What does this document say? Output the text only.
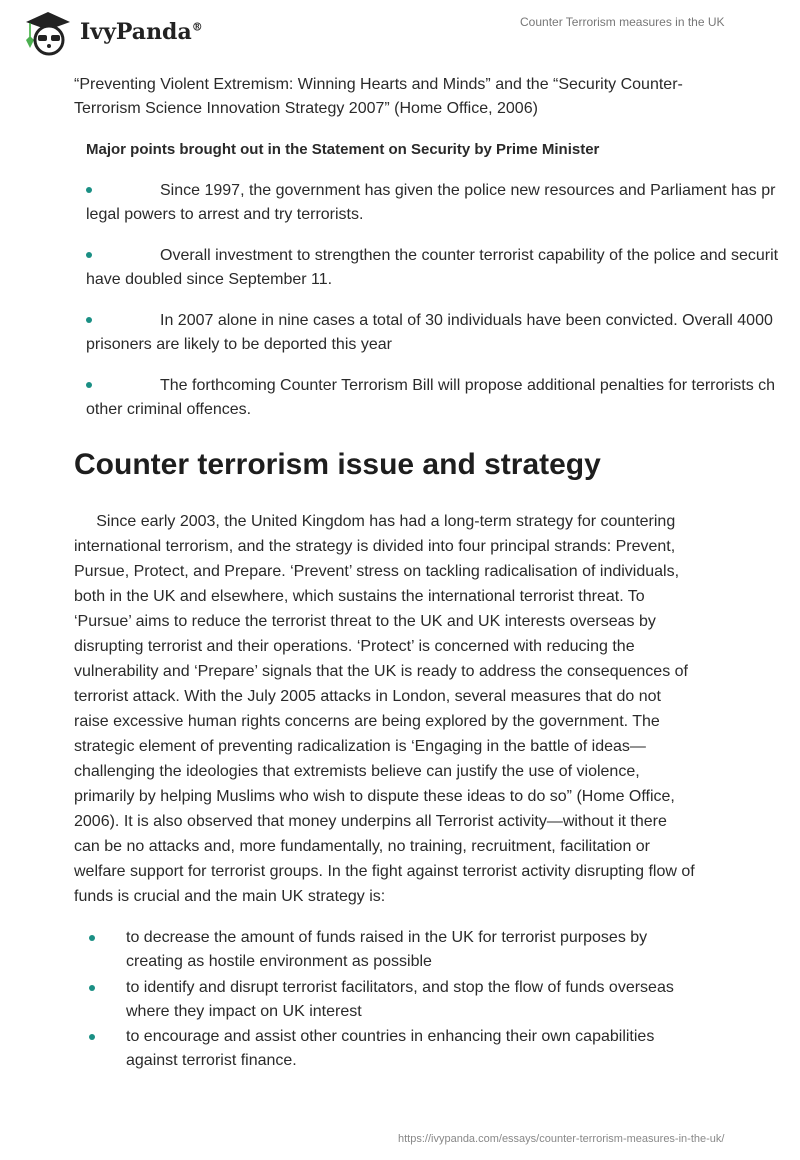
IvyPanda®	Counter Terrorism measures in the UK
“Preventing Violent Extremism: Winning Hearts and Minds” and the “Security Counter-
Terrorism Science Innovation Strategy 2007” (Home Office, 2006)
Major points brought out in the Statement on Security by Prime Minister
Counter terrorism issue and strategy
https://ivypanda.com/essays/counter-terrorism-measures-in-the-uk/
Since 1997, the government has given the police new resources and Parliament has pr
legal powers to arrest and try terrorists.
Overall investment to strengthen the counter terrorist capability of the police and securit
have doubled since September 11.
In 2007 alone in nine cases a total of 30 individuals have been convicted. Overall 4000
prisoners are likely to be deported this year
The forthcoming Counter Terrorism Bill will propose additional penalties for terrorists ch
other criminal offences.
Since early 2003, the United Kingdom has had a long-term strategy for countering
international terrorism, and the strategy is divided into four principal strands: Prevent,
Pursue, Protect, and Prepare. ‘Prevent’ stress on tackling radicalisation of individuals,
both in the UK and elsewhere, which sustains the international terrorist threat. To
‘Pursue’ aims to reduce the terrorist threat to the UK and UK interests overseas by
disrupting terrorist and their operations. ‘Protect’ is concerned with reducing the
vulnerability and ‘Prepare’ signals that the UK is ready to address the consequences of
terrorist attack. With the July 2005 attacks in London, several measures that do not
raise excessive human rights concerns are being explored by the government. The
strategic element of preventing radicalization is ‘Engaging in the battle of ideas—
challenging the ideologies that extremists believe can justify the use of violence,
primarily by helping Muslims who wish to dispute these ideas to do so” (Home Office,
2006). It is also observed that money underpins all Terrorist activity—without it there
can be no attacks and, more fundamentally, no training, recruitment, facilitation or
welfare support for terrorist groups. In the fight against terrorist activity disrupting flow of
funds is crucial and the main UK strategy is:
to decrease the amount of funds raised in the UK for terrorist purposes by
creating as hostile environment as possible
to identify and disrupt terrorist facilitators, and stop the flow of funds overseas
where they impact on UK interest
to encourage and assist other countries in enhancing their own capabilities
against terrorist finance.
